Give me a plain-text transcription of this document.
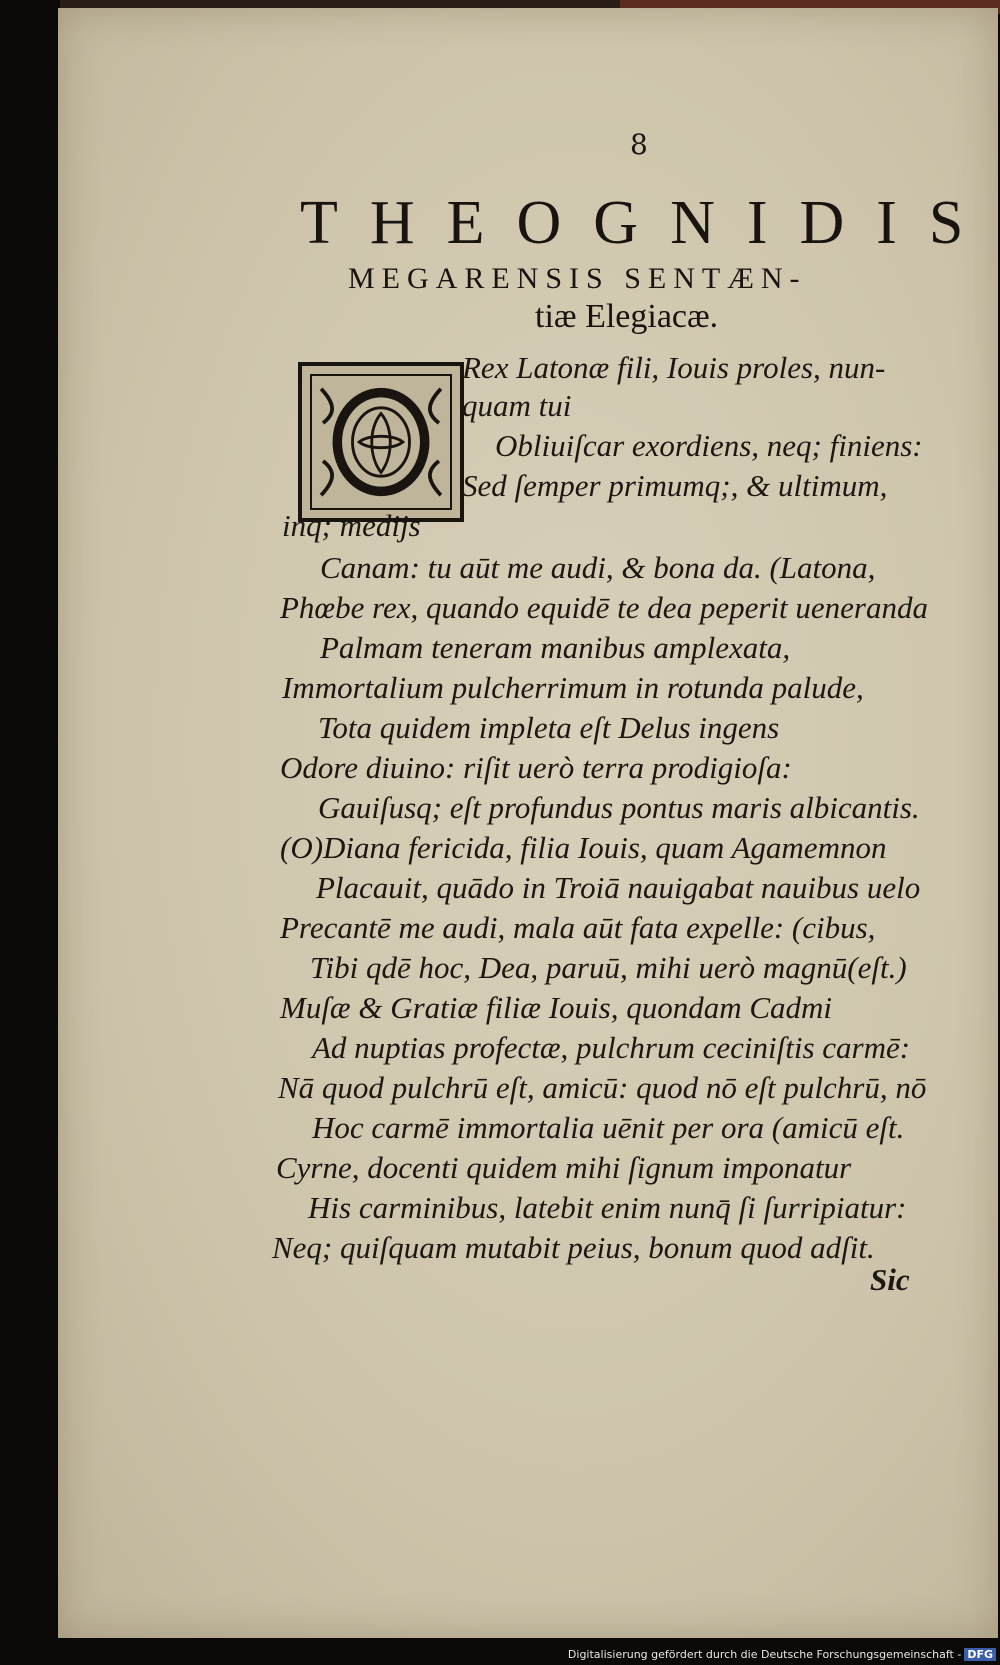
8
THEOGNIDIS
MEGARENSIS SENTÆN-
tiæ Elegiacæ.
Rex Latonæ fili, Iouis proles, nun-
quam tui
Obliuiſcar exordiens, neq; finiens:
Sed ſemper primumq;, & ultimum,
inq; medijs
Canam: tu aūt me audi, & bona da. (Latona,
Phœbe rex, quando equidē te dea peperit ueneranda
Palmam teneram manibus amplexata,
Immortalium pulcherrimum in rotunda palude,
Tota quidem impleta eſt Delus ingens
Odore diuino: riſit uerò terra prodigioſa:
Gauiſusq; eſt profundus pontus maris albicantis.
(O)Diana fericida, filia Iouis, quam Agamemnon
Placauit, quādo in Troiā nauigabat nauibus uelo
Precantē me audi, mala aūt fata expelle: (cibus,
Tibi qdē hoc, Dea, paruū, mihi uerò magnū(eſt.)
Muſæ & Gratiæ filiæ Iouis, quondam Cadmi
Ad nuptias profectæ, pulchrum ceciniſtis carmē:
Nā quod pulchrū eſt, amicū: quod nō eſt pulchrū, nō
Hoc carmē immortalia uēnit per ora (amicū eſt.
Cyrne, docenti quidem mihi ſignum imponatur
His carminibus, latebit enim nunq̄ ſi ſurripiatur:
Neq; quiſquam mutabit peius, bonum quod adſit.
Sic
Digitalisierung gefördert durch die Deutsche Forschungsgemeinschaft - DFG
